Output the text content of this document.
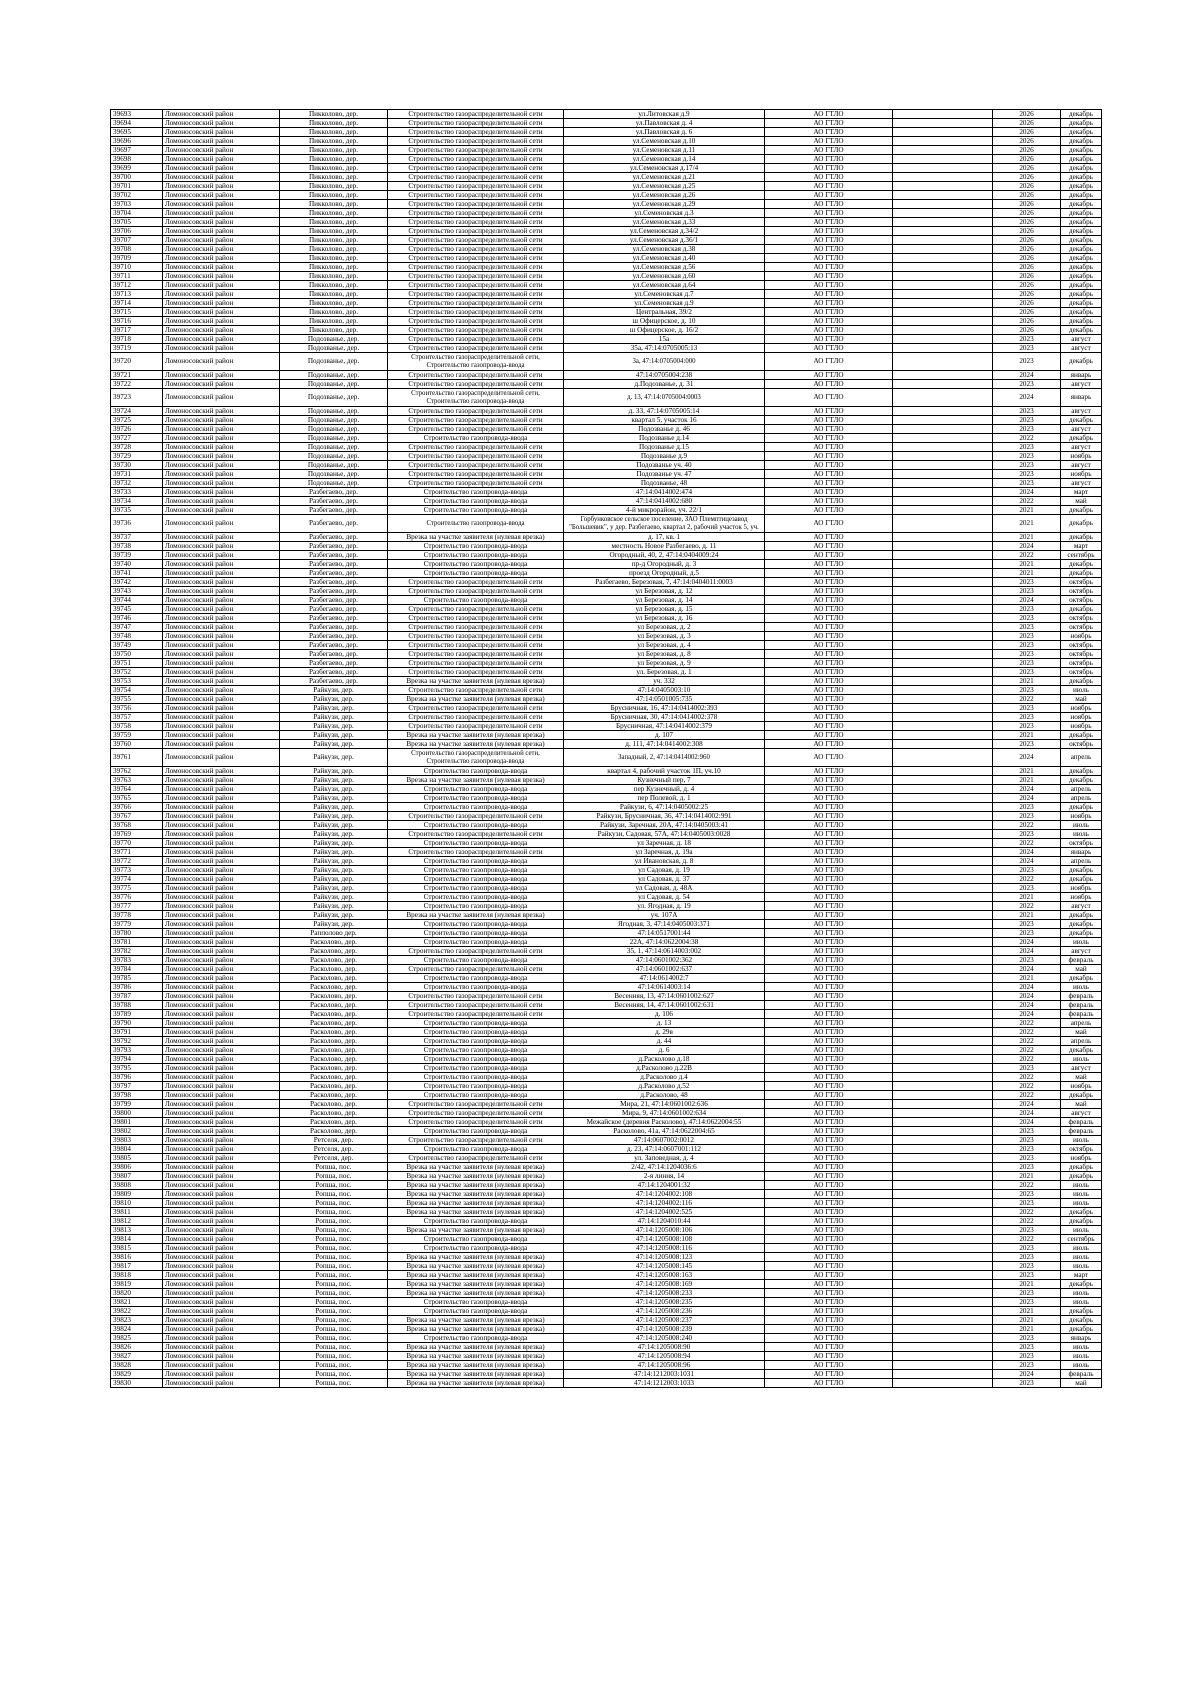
39693	Ломоносовский район	Пикколово, дер.	Строительство газораспределительной сети	ул.Литовская д.9	АО ГТЛО		2026	декабрь
39694	Ломоносовский район	Пикколово, дер.	Строительство газораспределительной сети	ул.Павловская д. 4	АО ГТЛО		2026	декабрь
39695	Ломоносовский район	Пикколово, дер.	Строительство газораспределительной сети	ул.Павловская д. 6	АО ГТЛО		2026	декабрь
39696	Ломоносовский район	Пикколово, дер.	Строительство газораспределительной сети	ул.Семеновская д.10	АО ГТЛО		2026	декабрь
39697	Ломоносовский район	Пикколово, дер.	Строительство газораспределительной сети	ул.Семеновская д.11	АО ГТЛО		2026	декабрь
39698	Ломоносовский район	Пикколово, дер.	Строительство газораспределительной сети	ул.Семеновская д.14	АО ГТЛО		2026	декабрь
39699	Ломоносовский район	Пикколово, дер.	Строительство газораспределительной сети	ул.Семеновская д.17/4	АО ГТЛО		2026	декабрь
39700	Ломоносовский район	Пикколово, дер.	Строительство газораспределительной сети	ул.Семеновская д.21	АО ГТЛО		2026	декабрь
39701	Ломоносовский район	Пикколово, дер.	Строительство газораспределительной сети	ул.Семеновская д.25	АО ГТЛО		2026	декабрь
39702	Ломоносовский район	Пикколово, дер.	Строительство газораспределительной сети	ул.Семеновская д.26	АО ГТЛО		2026	декабрь
39703	Ломоносовский район	Пикколово, дер.	Строительство газораспределительной сети	ул.Семеновская д.29	АО ГТЛО		2026	декабрь
39704	Ломоносовский район	Пикколово, дер.	Строительство газораспределительной сети	ул.Семеновская д.3	АО ГТЛО		2026	декабрь
39705	Ломоносовский район	Пикколово, дер.	Строительство газораспределительной сети	ул.Семеновская д.33	АО ГТЛО		2026	декабрь
39706	Ломоносовский район	Пикколово, дер.	Строительство газораспределительной сети	ул.Семеновская д.34/2	АО ГТЛО		2026	декабрь
39707	Ломоносовский район	Пикколово, дер.	Строительство газораспределительной сети	ул.Семеновская д.36/1	АО ГТЛО		2026	декабрь
39708	Ломоносовский район	Пикколово, дер.	Строительство газораспределительной сети	ул.Семеновская д.38	АО ГТЛО		2026	декабрь
39709	Ломоносовский район	Пикколово, дер.	Строительство газораспределительной сети	ул.Семеновская д.40	АО ГТЛО		2026	декабрь
39710	Ломоносовский район	Пикколово, дер.	Строительство газораспределительной сети	ул.Семеновская д.56	АО ГТЛО		2026	декабрь
39711	Ломоносовский район	Пикколово, дер.	Строительство газораспределительной сети	ул.Семеновская д.60	АО ГТЛО		2026	декабрь
39712	Ломоносовский район	Пикколово, дер.	Строительство газораспределительной сети	ул.Семеновская д.64	АО ГТЛО		2026	декабрь
39713	Ломоносовский район	Пикколово, дер.	Строительство газораспределительной сети	ул.Семеновская д.7	АО ГТЛО		2026	декабрь
39714	Ломоносовский район	Пикколово, дер.	Строительство газораспределительной сети	ул.Семеновская д.9	АО ГТЛО		2026	декабрь
39715	Ломоносовский район	Пикколово, дер.	Строительство газораспределительной сети	Центральная, 39/2	АО ГТЛО		2026	декабрь
39716	Ломоносовский район	Пикколово, дер.	Строительство газораспределительной сети	ш Офицерское, д. 10	АО ГТЛО		2026	декабрь
39717	Ломоносовский район	Пикколово, дер.	Строительство газораспределительной сети	ш Офицерское, д. 16/2	АО ГТЛО		2026	декабрь
39718	Ломоносовский район	Подозванье, дер.	Строительство газораспределительной сети	15а	АО ГТЛО		2023	август
39719	Ломоносовский район	Подозванье, дер.	Строительство газораспределительной сети	35а, 47:14:0705005:13	АО ГТЛО		2023	август
39720	Ломоносовский район	Подозванье, дер.	Строительство газораспределительной сети, Строительство газопровода-ввода	3а, 47:14:0705004:000	АО ГТЛО		2023	декабрь
39721	Ломоносовский район	Подозванье, дер.	Строительство газораспределительной сети	47:14:0705004:238	АО ГТЛО		2024	январь
39722	Ломоносовский район	Подозванье, дер.	Строительство газораспределительной сети	д.Подозванье, д. 31	АО ГТЛО		2023	август
39723	Ломоносовский район	Подозванье, дер.	Строительство газораспределительной сети, Строительство газопровода-ввода	д. 13, 47:14:0705004:0003	АО ГТЛО		2024	январь
39724	Ломоносовский район	Подозванье, дер.	Строительство газораспределительной сети	д. 33, 47:14:0705005:14	АО ГТЛО		2023	август
39725	Ломоносовский район	Подозванье, дер.	Строительство газораспределительной сети	квартал 5, участок 16	АО ГТЛО		2023	декабрь
39726	Ломоносовский район	Подозванье, дер.	Строительство газораспределительной сети	Подозванье д. 46	АО ГТЛО		2023	август
39727	Ломоносовский район	Подозванье, дер.	Строительство газопровода-ввода	Подозванье д.14	АО ГТЛО		2022	декабрь
39728	Ломоносовский район	Подозванье, дер.	Строительство газораспределительной сети	Подозванье д.15	АО ГТЛО		2023	август
39729	Ломоносовский район	Подозванье, дер.	Строительство газораспределительной сети	Подозванье д.9	АО ГТЛО		2023	ноябрь
39730	Ломоносовский район	Подозванье, дер.	Строительство газораспределительной сети	Подозванье уч. 40	АО ГТЛО		2023	август
39731	Ломоносовский район	Подозванье, дер.	Строительство газораспределительной сети	Подозванье уч. 47	АО ГТЛО		2023	ноябрь
39732	Ломоносовский район	Подозванье, дер.	Строительство газораспределительной сети	Подозванье, 48	АО ГТЛО		2023	август
39733	Ломоносовский район	Разбегаево, дер.	Строительство газопровода-ввода	47:14:0414002:474	АО ГТЛО		2024	март
39734	Ломоносовский район	Разбегаево, дер.	Строительство газопровода-ввода	47:14:0414002:680	АО ГТЛО		2022	май
39735	Ломоносовский район	Разбегаево, дер.	Строительство газопровода-ввода	4-й микрорайон, уч. 22/1	АО ГТЛО		2021	декабрь
39736	Ломоносовский район	Разбегаево, дер.	Строительство газопровода-ввода	Горбунковское сельское поселение, ЗАО Племптицезавод "Большевик", у дер. Разбегаево, квартал 2, рабочий участок 5, уч.	АО ГТЛО		2021	декабрь
39737	Ломоносовский район	Разбегаево, дер.	Врезка на участке заявителя (нулевая врезка)	д. 17, кв. 1	АО ГТЛО		2021	декабрь
39738	Ломоносовский район	Разбегаево, дер.	Строительство газопровода-ввода	местность Новое Разбегаево, д. 11	АО ГТЛО		2024	март
39739	Ломоносовский район	Разбегаево, дер.	Строительство газопровода-ввода	Огородный, 40, 2, 47:14:0404009:24	АО ГТЛО		2022	сентябрь
39740	Ломоносовский район	Разбегаево, дер.	Строительство газопровода-ввода	пр-д Огородный, д. 3	АО ГТЛО		2021	декабрь
39741	Ломоносовский район	Разбегаево, дер.	Строительство газопровода-ввода	проезд Огородный, д.5	АО ГТЛО		2021	декабрь
39742	Ломоносовский район	Разбегаево, дер.	Строительство газораспределительной сети	Разбегаево, Березовая, 7, 47:14:0404011:0003	АО ГТЛО		2023	октябрь
39743	Ломоносовский район	Разбегаево, дер.	Строительство газораспределительной сети	ул Березовая, д. 12	АО ГТЛО		2023	октябрь
39744	Ломоносовский район	Разбегаево, дер.	Строительство газопровода-ввода	ул Березовая, д. 14	АО ГТЛО		2024	октябрь
39745	Ломоносовский район	Разбегаево, дер.	Строительство газораспределительной сети	ул Березовая, д. 15	АО ГТЛО		2023	декабрь
39746	Ломоносовский район	Разбегаево, дер.	Строительство газораспределительной сети	ул Березовая, д. 16	АО ГТЛО		2023	октябрь
39747	Ломоносовский район	Разбегаево, дер.	Строительство газораспределительной сети	ул Березовая, д. 2	АО ГТЛО		2023	октябрь
39748	Ломоносовский район	Разбегаево, дер.	Строительство газораспределительной сети	ул Березовая, д. 3	АО ГТЛО		2023	ноябрь
39749	Ломоносовский район	Разбегаево, дер.	Строительство газораспределительной сети	ул Березовая, д. 4	АО ГТЛО		2023	октябрь
39750	Ломоносовский район	Разбегаево, дер.	Строительство газораспределительной сети	ул Березовая, д. 8	АО ГТЛО		2023	октябрь
39751	Ломоносовский район	Разбегаево, дер.	Строительство газораспределительной сети	ул Березовая, д. 9	АО ГТЛО		2023	октябрь
39752	Ломоносовский район	Разбегаево, дер.	Строительство газораспределительной сети	ул. Березовая, д. 1	АО ГТЛО		2023	октябрь
39753	Ломоносовский район	Разбегаево, дер.	Врезка на участке заявителя (нулевая врезка)	уч. 332	АО ГТЛО		2021	декабрь
39754	Ломоносовский район	Райкузи, дер.	Строительство газораспределительной сети	47:14:0405003:10	АО ГТЛО		2023	июль
39755	Ломоносовский район	Райкузи, дер.	Врезка на участке заявителя (нулевая врезка)	47:14:0501005:735	АО ГТЛО		2022	май
39756	Ломоносовский район	Райкузи, дер.	Строительство газораспределительной сети	Брусничная, 16, 47:14:0414002:393	АО ГТЛО		2023	ноябрь
39757	Ломоносовский район	Райкузи, дер.	Строительство газораспределительной сети	Брусничная, 30, 47:14:0414002:378	АО ГТЛО		2023	ноябрь
39758	Ломоносовский район	Райкузи, дер.	Строительство газораспределительной сети	Брусничная, 47:14:0414002:379	АО ГТЛО		2023	ноябрь
39759	Ломоносовский район	Райкузи, дер.	Врезка на участке заявителя (нулевая врезка)	д. 107	АО ГТЛО		2021	декабрь
39760	Ломоносовский район	Райкузи, дер.	Врезка на участке заявителя (нулевая врезка)	д. 111, 47:14:0414002:308	АО ГТЛО		2023	октябрь
39761	Ломоносовский район	Райкузи, дер.	Строительство газораспределительной сети, Строительство газопровода-ввода	Западный, 2, 47:14:0414002:960	АО ГТЛО		2024	апрель
39762	Ломоносовский район	Райкузи, дер.	Строительство газопровода-ввода	квартал 4, рабочий участок 1П, уч.10	АО ГТЛО		2021	декабрь
39763	Ломоносовский район	Райкузи, дер.	Врезка на участке заявителя (нулевая врезка)	Кузнечный пер, 7	АО ГТЛО		2021	декабрь
39764	Ломоносовский район	Райкузи, дер.	Строительство газопровода-ввода	пер Кузнечный, д. 4	АО ГТЛО		2024	апрель
39765	Ломоносовский район	Райкузи, дер.	Строительство газопровода-ввода	пер Полевой, д. 1	АО ГТЛО		2024	апрель
39766	Ломоносовский район	Райкузи, дер.	Строительство газопровода-ввода	Райкузи, 6, 47:14:0405002:25	АО ГТЛО		2023	декабрь
39767	Ломоносовский район	Райкузи, дер.	Строительство газораспределительной сети	Райкузи, Брусничная, 36, 47:14:0414002:991	АО ГТЛО		2023	ноябрь
39768	Ломоносовский район	Райкузи, дер.	Строительство газопровода-ввода	Райкузи, Заречная, 20А, 47:14:0405003:41	АО ГТЛО		2022	июль
39769	Ломоносовский район	Райкузи, дер.	Строительство газораспределительной сети	Райкузи, Садовая, 57А, 47:14:0405003:0028	АО ГТЛО		2023	июль
39770	Ломоносовский район	Райкузи, дер.	Строительство газопровода-ввода	ул Заречная, д. 18	АО ГТЛО		2022	октябрь
39771	Ломоносовский район	Райкузи, дер.	Строительство газораспределительной сети	ул Заречная, д. 19а	АО ГТЛО		2024	январь
39772	Ломоносовский район	Райкузи, дер.	Строительство газопровода-ввода	ул Ивановская, д. 8	АО ГТЛО		2024	апрель
39773	Ломоносовский район	Райкузи, дер.	Строительство газопровода-ввода	ул Садовая, д. 19	АО ГТЛО		2023	декабрь
39774	Ломоносовский район	Райкузи, дер.	Строительство газопровода-ввода	ул Садовая, д. 37	АО ГТЛО		2022	декабрь
39775	Ломоносовский район	Райкузи, дер.	Строительство газопровода-ввода	ул Садовая, д. 48А	АО ГТЛО		2023	ноябрь
39776	Ломоносовский район	Райкузи, дер.	Строительство газопровода-ввода	ул Садовая, д. 54	АО ГТЛО		2021	ноябрь
39777	Ломоносовский район	Райкузи, дер.	Строительство газопровода-ввода	ул. Ягодная, д. 19	АО ГТЛО		2022	август
39778	Ломоносовский район	Райкузи, дер.	Врезка на участке заявителя (нулевая врезка)	уч. 107А	АО ГТЛО		2021	декабрь
39779	Ломоносовский район	Райкузи, дер.	Строительство газопровода-ввода	Ягодная, 3, 47:14:0405003:371	АО ГТЛО		2023	декабрь
39780	Ломоносовский район	Рапполово дер.	Строительство газопровода-ввода	47:14:0517001:44	АО ГТЛО		2023	декабрь
39781	Ломоносовский район	Расколово, дер.	Строительство газопровода-ввода	22А, 47:14:0622004:38	АО ГТЛО		2024	июль
39782	Ломоносовский район	Расколово, дер.	Строительство газораспределительной сети	35, 1, 47:14:0614003:002	АО ГТЛО		2024	август
39783	Ломоносовский район	Расколово, дер.	Строительство газопровода-ввода	47:14:0601002:362	АО ГТЛО		2023	февраль
39784	Ломоносовский район	Расколово, дер.	Строительство газораспределительной сети	47:14:0601002:637	АО ГТЛО		2024	май
39785	Ломоносовский район	Расколово, дер.	Строительство газопровода-ввода	47:14:0614002:7	АО ГТЛО		2021	декабрь
39786	Ломоносовский район	Расколово, дер.	Строительство газопровода-ввода	47:14:0614003:14	АО ГТЛО		2024	июль
39787	Ломоносовский район	Расколово, дер.	Строительство газораспределительной сети	Весенняя, 13, 47:14:0601002:627	АО ГТЛО		2024	февраль
39788	Ломоносовский район	Расколово, дер.	Строительство газораспределительной сети	Весенняя, 14, 47:14:0601002:631	АО ГТЛО		2024	февраль
39789	Ломоносовский район	Расколово, дер.	Строительство газораспределительной сети	д. 106	АО ГТЛО		2024	февраль
39790	Ломоносовский район	Расколово, дер.	Строительство газопровода-ввода	д. 13	АО ГТЛО		2022	апрель
39791	Ломоносовский район	Расколово, дер.	Строительство газопровода-ввода	д. 29в	АО ГТЛО		2022	май
39792	Ломоносовский район	Расколово, дер.	Строительство газопровода-ввода	д. 44	АО ГТЛО		2022	апрель
39793	Ломоносовский район	Расколово, дер.	Строительство газопровода-ввода	д. 6	АО ГТЛО		2022	декабрь
39794	Ломоносовский район	Расколово, дер.	Строительство газопровода-ввода	д.Расколово д.18	АО ГТЛО		2022	июль
39795	Ломоносовский район	Расколово, дер.	Строительство газопровода-ввода	д.Расколово д.22В	АО ГТЛО		2023	август
39796	Ломоносовский район	Расколово, дер.	Строительство газопровода-ввода	д.Расколово д.4	АО ГТЛО		2022	май
39797	Ломоносовский район	Расколово, дер.	Строительство газопровода-ввода	д.Расколово д.52	АО ГТЛО		2022	ноябрь
39798	Ломоносовский район	Расколово, дер.	Строительство газопровода-ввода	д.Расколово, 48	АО ГТЛО		2022	декабрь
39799	Ломоносовский район	Расколово, дер.	Строительство газораспределительной сети	Мира, 21, 47:14:0601002:636	АО ГТЛО		2024	май
39800	Ломоносовский район	Расколово, дер.	Строительство газораспределительной сети	Мира, 9, 47:14:0601002:634	АО ГТЛО		2024	август
39801	Ломоносовский район	Расколово, дер.	Строительство газораспределительной сети	Межайское (деревня Расколово), 47:14:0622004:55	АО ГТЛО		2024	февраль
39802	Ломоносовский район	Расколово, дер.	Строительство газопровода-ввода	Расколово, 41а, 47:14:0622004:65	АО ГТЛО		2023	февраль
39803	Ломоносовский район	Ретселя, дер.	Строительство газораспределительной сети	47:14:0607002:0012	АО ГТЛО		2023	июль
39804	Ломоносовский район	Ретселя, дер.	Строительство газопровода-ввода	д. 23, 47:14:0607001:112	АО ГТЛО		2023	октябрь
39805	Ломоносовский район	Ретселя, дер.	Строительство газораспределительной сети	ул. Заповедная, д. 4	АО ГТЛО		2023	ноябрь
39806	Ломоносовский район	Ропша, пос.	Врезка на участке заявителя (нулевая врезка)	2/42, 47:14:1204036:6	АО ГТЛО		2023	декабрь
39807	Ломоносовский район	Ропша, пос.	Врезка на участке заявителя (нулевая врезка)	2-я линия, 14	АО ГТЛО		2021	декабрь
39808	Ломоносовский район	Ропша, пос.	Врезка на участке заявителя (нулевая врезка)	47:14:1204001:32	АО ГТЛО		2022	июль
39809	Ломоносовский район	Ропша, пос.	Врезка на участке заявителя (нулевая врезка)	47:14:1204002:108	АО ГТЛО		2023	июль
39810	Ломоносовский район	Ропша, пос.	Врезка на участке заявителя (нулевая врезка)	47:14:1204002:116	АО ГТЛО		2023	июль
39811	Ломоносовский район	Ропша, пос.	Врезка на участке заявителя (нулевая врезка)	47:14:1204002:525	АО ГТЛО		2022	декабрь
39812	Ломоносовский район	Ропша, пос.	Строительство газопровода-ввода	47:14:1204010:44	АО ГТЛО		2022	декабрь
39813	Ломоносовский район	Ропша, пос.	Врезка на участке заявителя (нулевая врезка)	47:14:1205008:106	АО ГТЛО		2023	июль
39814	Ломоносовский район	Ропша, пос.	Строительство газопровода-ввода	47:14:1205008:108	АО ГТЛО		2022	сентябрь
39815	Ломоносовский район	Ропша, пос.	Строительство газопровода-ввода	47:14:1205008:116	АО ГТЛО		2023	июль
39816	Ломоносовский район	Ропша, пос.	Врезка на участке заявителя (нулевая врезка)	47:14:1205008:123	АО ГТЛО		2023	июль
39817	Ломоносовский район	Ропша, пос.	Врезка на участке заявителя (нулевая врезка)	47:14:1205008:145	АО ГТЛО		2023	июль
39818	Ломоносовский район	Ропша, пос.	Врезка на участке заявителя (нулевая врезка)	47:14:1205008:163	АО ГТЛО		2023	март
39819	Ломоносовский район	Ропша, пос.	Врезка на участке заявителя (нулевая врезка)	47:14:1205008:169	АО ГТЛО		2021	декабрь
39820	Ломоносовский район	Ропша, пос.	Врезка на участке заявителя (нулевая врезка)	47:14:1205008:233	АО ГТЛО		2023	июль
39821	Ломоносовский район	Ропша, пос.	Строительство газопровода-ввода	47:14:1205008:235	АО ГТЛО		2023	июль
39822	Ломоносовский район	Ропша, пос.	Строительство газопровода-ввода	47:14:1205008:236	АО ГТЛО		2021	декабрь
39823	Ломоносовский район	Ропша, пос.	Врезка на участке заявителя (нулевая врезка)	47:14:1205008:237	АО ГТЛО		2021	декабрь
39824	Ломоносовский район	Ропша, пос.	Врезка на участке заявителя (нулевая врезка)	47:14:1205008:239	АО ГТЛО		2021	декабрь
39825	Ломоносовский район	Ропша, пос.	Строительство газопровода-ввода	47:14:1205008:240	АО ГТЛО		2023	январь
39826	Ломоносовский район	Ропша, пос.	Врезка на участке заявителя (нулевая врезка)	47:14:1205008:90	АО ГТЛО		2023	июль
39827	Ломоносовский район	Ропша, пос.	Врезка на участке заявителя (нулевая врезка)	47:14:1205008:94	АО ГТЛО		2023	июль
39828	Ломоносовский район	Ропша, пос.	Врезка на участке заявителя (нулевая врезка)	47:14:1205008:96	АО ГТЛО		2023	июль
39829	Ломоносовский район	Ропша, пос.	Врезка на участке заявителя (нулевая врезка)	47:14:1212003:1031	АО ГТЛО		2024	февраль
39830	Ломоносовский район	Ропша, пос.	Врезка на участке заявителя (нулевая врезка)	47:14:1212003:1033	АО ГТЛО		2023	май
